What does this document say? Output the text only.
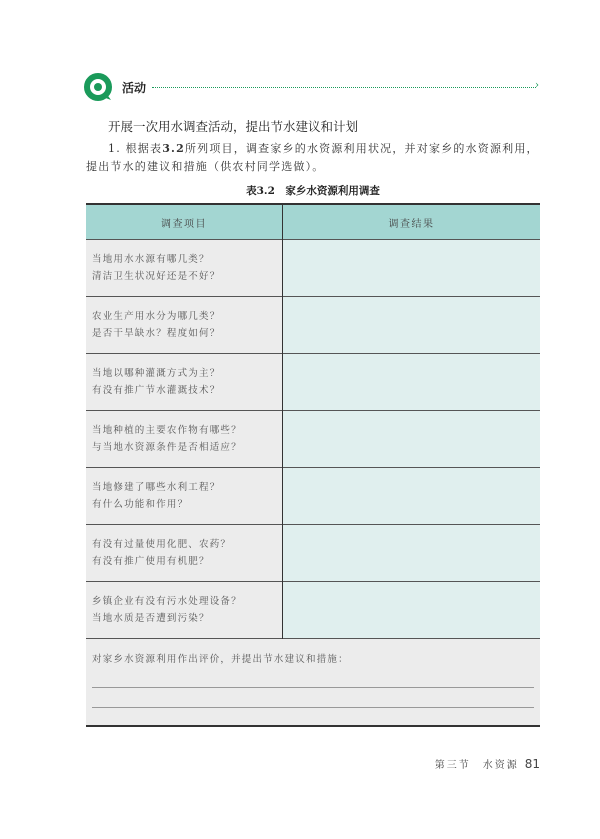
活动	›
开展一次用水调查活动，提出节水建议和计划
1. 根据表3.2所列项目，调查家乡的水资源利用状况，并对家乡的水资源利用，提出节水的建议和措施（供农村同学选做）。
表3.2　家乡水资源利用调查
调查项目	调查结果

当地用水水源有哪几类？
清洁卫生状况好还是不好？	

农业生产用水分为哪几类？
是否干旱缺水？程度如何？	

当地以哪种灌溉方式为主？
有没有推广节水灌溉技术？	

当地种植的主要农作物有哪些？
与当地水资源条件是否相适应？	

当地修建了哪些水利工程？
有什么功能和作用？	

有没有过量使用化肥、农药？
有没有推广使用有机肥？	

乡镇企业有没有污水处理设备？
当地水质是否遭到污染？	

对家乡水资源利用作出评价，并提出节水建议和措施：	
第三节　水资源 81
